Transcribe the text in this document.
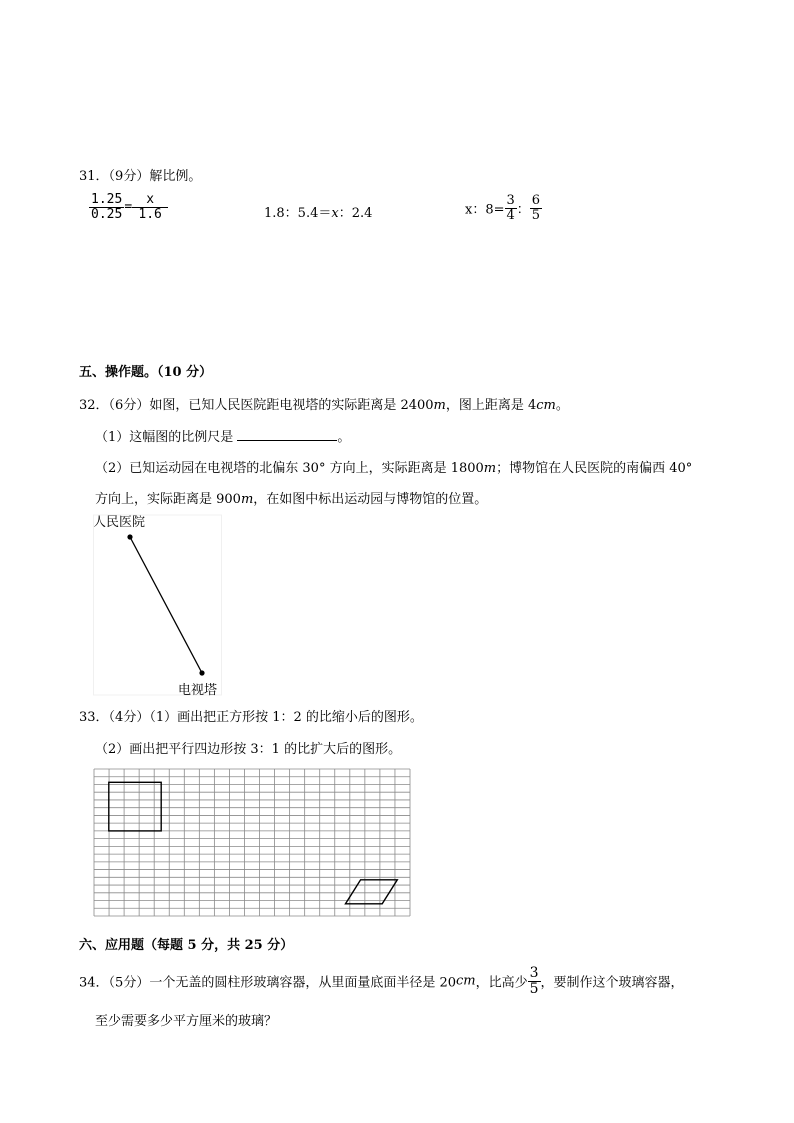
31．（9分）解比例。
$\frac{1.25}{0.25} = \frac{x}{1.6}$	1.8：5.4＝x：2.4	x：$8= \frac{3}{4}$ ： $\frac{6}{5}$
五、操作题。（10 分）
32．（6分）如图，已知人民医院距电视塔的实际距离是 2400m，图上距离是 4cm。
（1）这幅图的比例尺是	。
（2）已知运动园在电视塔的北偏东 30° 方向上，实际距离是 1800m；博物馆在人民医院的南偏西 40°
方向上，实际距离是 900m，在如图中标出运动园与博物馆的位置。
人民医院
电视塔
33．（4分）（1）画出把正方形按 1：2 的比缩小后的图形。
（2）画出把平行四边形按 3：1 的比扩大后的图形。
六、应用题（每题 5 分，共 25 分）
34．（5分）一个无盖的圆柱形玻璃容器，从里面量底面半径是 20cm，比高少 $\frac{3}{5}$ ，要制作这个玻璃容器，
至少需要多少平方厘米的玻璃？
